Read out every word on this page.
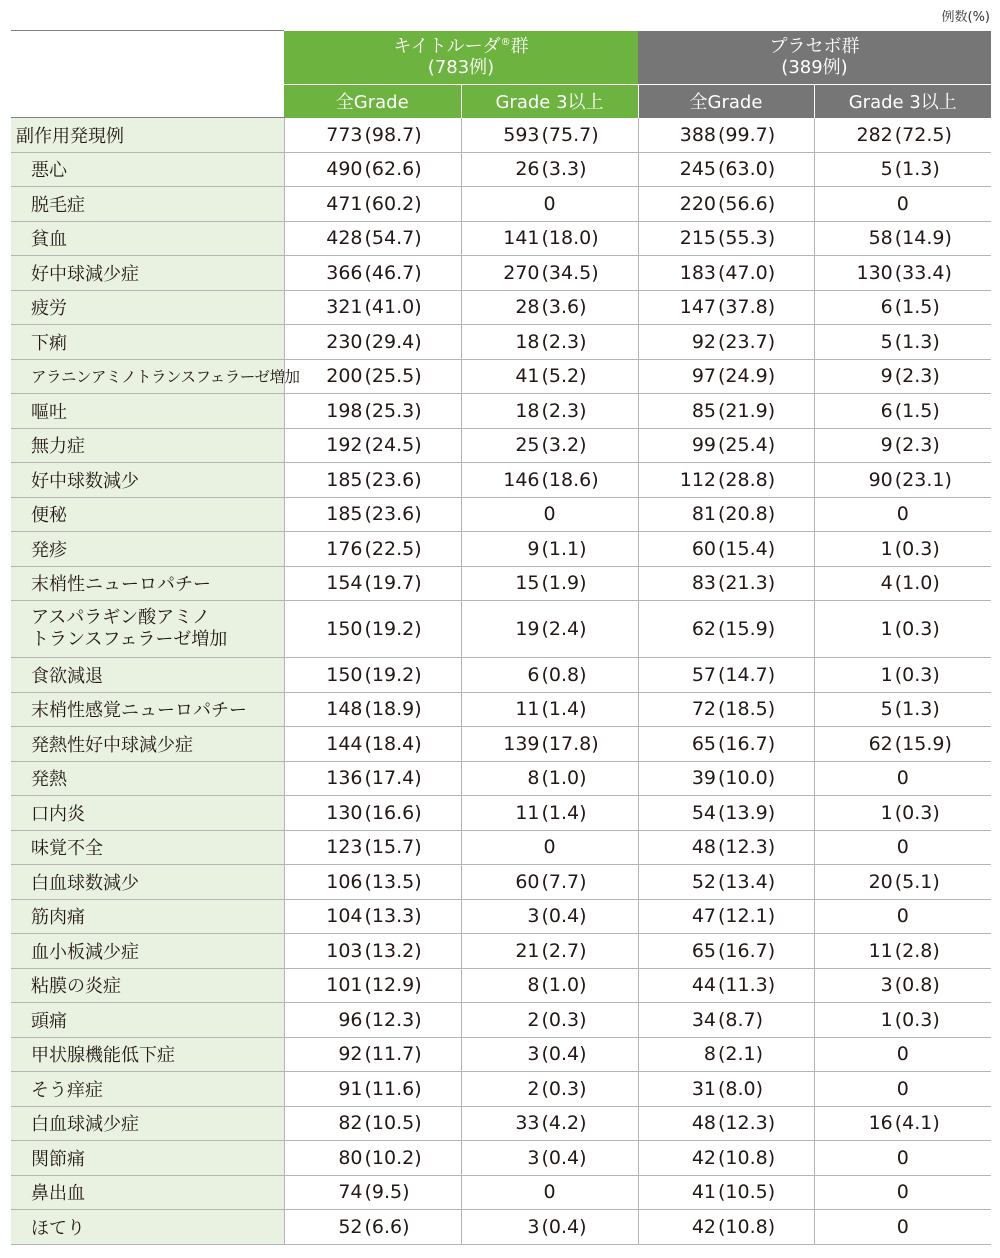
例数(%)
	キイトルーダ®群
(783例)		プラセボ群
(389例)	
	全Grade	Grade 3以上	全Grade	Grade 3以上
副作用発現例	773 (98.7)	593 (75.7)	388 (99.7)	282 (72.5)
悪心	490 (62.6)	26 (3.3)	245 (63.0)	5 (1.3)
脱毛症	471 (60.2)	0	220 (56.6)	0
貧血	428 (54.7)	141 (18.0)	215 (55.3)	58 (14.9)
好中球減少症	366 (46.7)	270 (34.5)	183 (47.0)	130 (33.4)
疲労	321 (41.0)	28 (3.6)	147 (37.8)	6 (1.5)
下痢	230 (29.4)	18 (2.3)	92 (23.7)	5 (1.3)
アラニンアミノトランスフェラーゼ増加	200 (25.5)	41 (5.2)	97 (24.9)	9 (2.3)
嘔吐	198 (25.3)	18 (2.3)	85 (21.9)	6 (1.5)
無力症	192 (24.5)	25 (3.2)	99 (25.4)	9 (2.3)
好中球数減少	185 (23.6)	146 (18.6)	112 (28.8)	90 (23.1)
便秘	185 (23.6)	0	81 (20.8)	0
発疹	176 (22.5)	9 (1.1)	60 (15.4)	1 (0.3)
末梢性ニューロパチー	154 (19.7)	15 (1.9)	83 (21.3)	4 (1.0)

アスパラギン酸アミノ
トランスフェラーゼ増加	150 (19.2)	19 (2.4)	62 (15.9)	1 (0.3)
食欲減退	150 (19.2)	6 (0.8)	57 (14.7)	1 (0.3)
末梢性感覚ニューロパチー	148 (18.9)	11 (1.4)	72 (18.5)	5 (1.3)
発熱性好中球減少症	144 (18.4)	139 (17.8)	65 (16.7)	62 (15.9)
発熱	136 (17.4)	8 (1.0)	39 (10.0)	0
口内炎	130 (16.6)	11 (1.4)	54 (13.9)	1 (0.3)
味覚不全	123 (15.7)	0	48 (12.3)	0
白血球数減少	106 (13.5)	60 (7.7)	52 (13.4)	20 (5.1)
筋肉痛	104 (13.3)	3 (0.4)	47 (12.1)	0
血小板減少症	103 (13.2)	21 (2.7)	65 (16.7)	11 (2.8)
粘膜の炎症	101 (12.9)	8 (1.0)	44 (11.3)	3 (0.8)
頭痛	96 (12.3)	2 (0.3)	34 (8.7)	1 (0.3)
甲状腺機能低下症	92 (11.7)	3 (0.4)	8 (2.1)	0
そう痒症	91 (11.6)	2 (0.3)	31 (8.0)	0
白血球減少症	82 (10.5)	33 (4.2)	48 (12.3)	16 (4.1)
関節痛	80 (10.2)	3 (0.4)	42 (10.8)	0
鼻出血	74 (9.5)	0	41 (10.5)	0
ほてり	52 (6.6)	3 (0.4)	42 (10.8)	0
